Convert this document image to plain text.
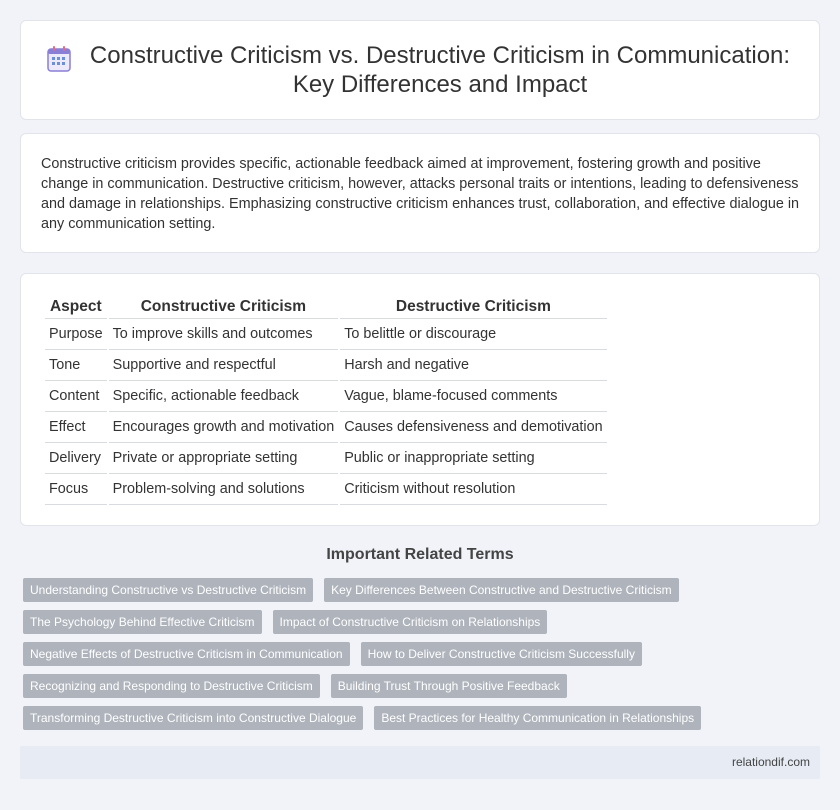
Constructive Criticism vs. Destructive Criticism in Communication: Key Differences and Impact

Constructive criticism provides specific, actionable feedback aimed at improvement, fostering growth and positive change in communication. Destructive criticism, however, attacks personal traits or intentions, leading to defensiveness and damage in relationships. Emphasizing constructive criticism enhances trust, collaboration, and effective dialogue in any communication setting.

Aspect	Constructive Criticism	Destructive Criticism
Purpose	To improve skills and outcomes	To belittle or discourage
Tone	Supportive and respectful	Harsh and negative
Content	Specific, actionable feedback	Vague, blame-focused comments
Effect	Encourages growth and motivation	Causes defensiveness and demotivation
Delivery	Private or appropriate setting	Public or inappropriate setting
Focus	Problem-solving and solutions	Criticism without resolution
Important Related Terms
Understanding Constructive vs Destructive Criticism	Key Differences Between Constructive and Destructive Criticism
The Psychology Behind Effective Criticism	Impact of Constructive Criticism on Relationships
Negative Effects of Destructive Criticism in Communication	How to Deliver Constructive Criticism Successfully
Recognizing and Responding to Destructive Criticism	Building Trust Through Positive Feedback
Transforming Destructive Criticism into Constructive Dialogue	Best Practices for Healthy Communication in Relationships
relationdif.com
